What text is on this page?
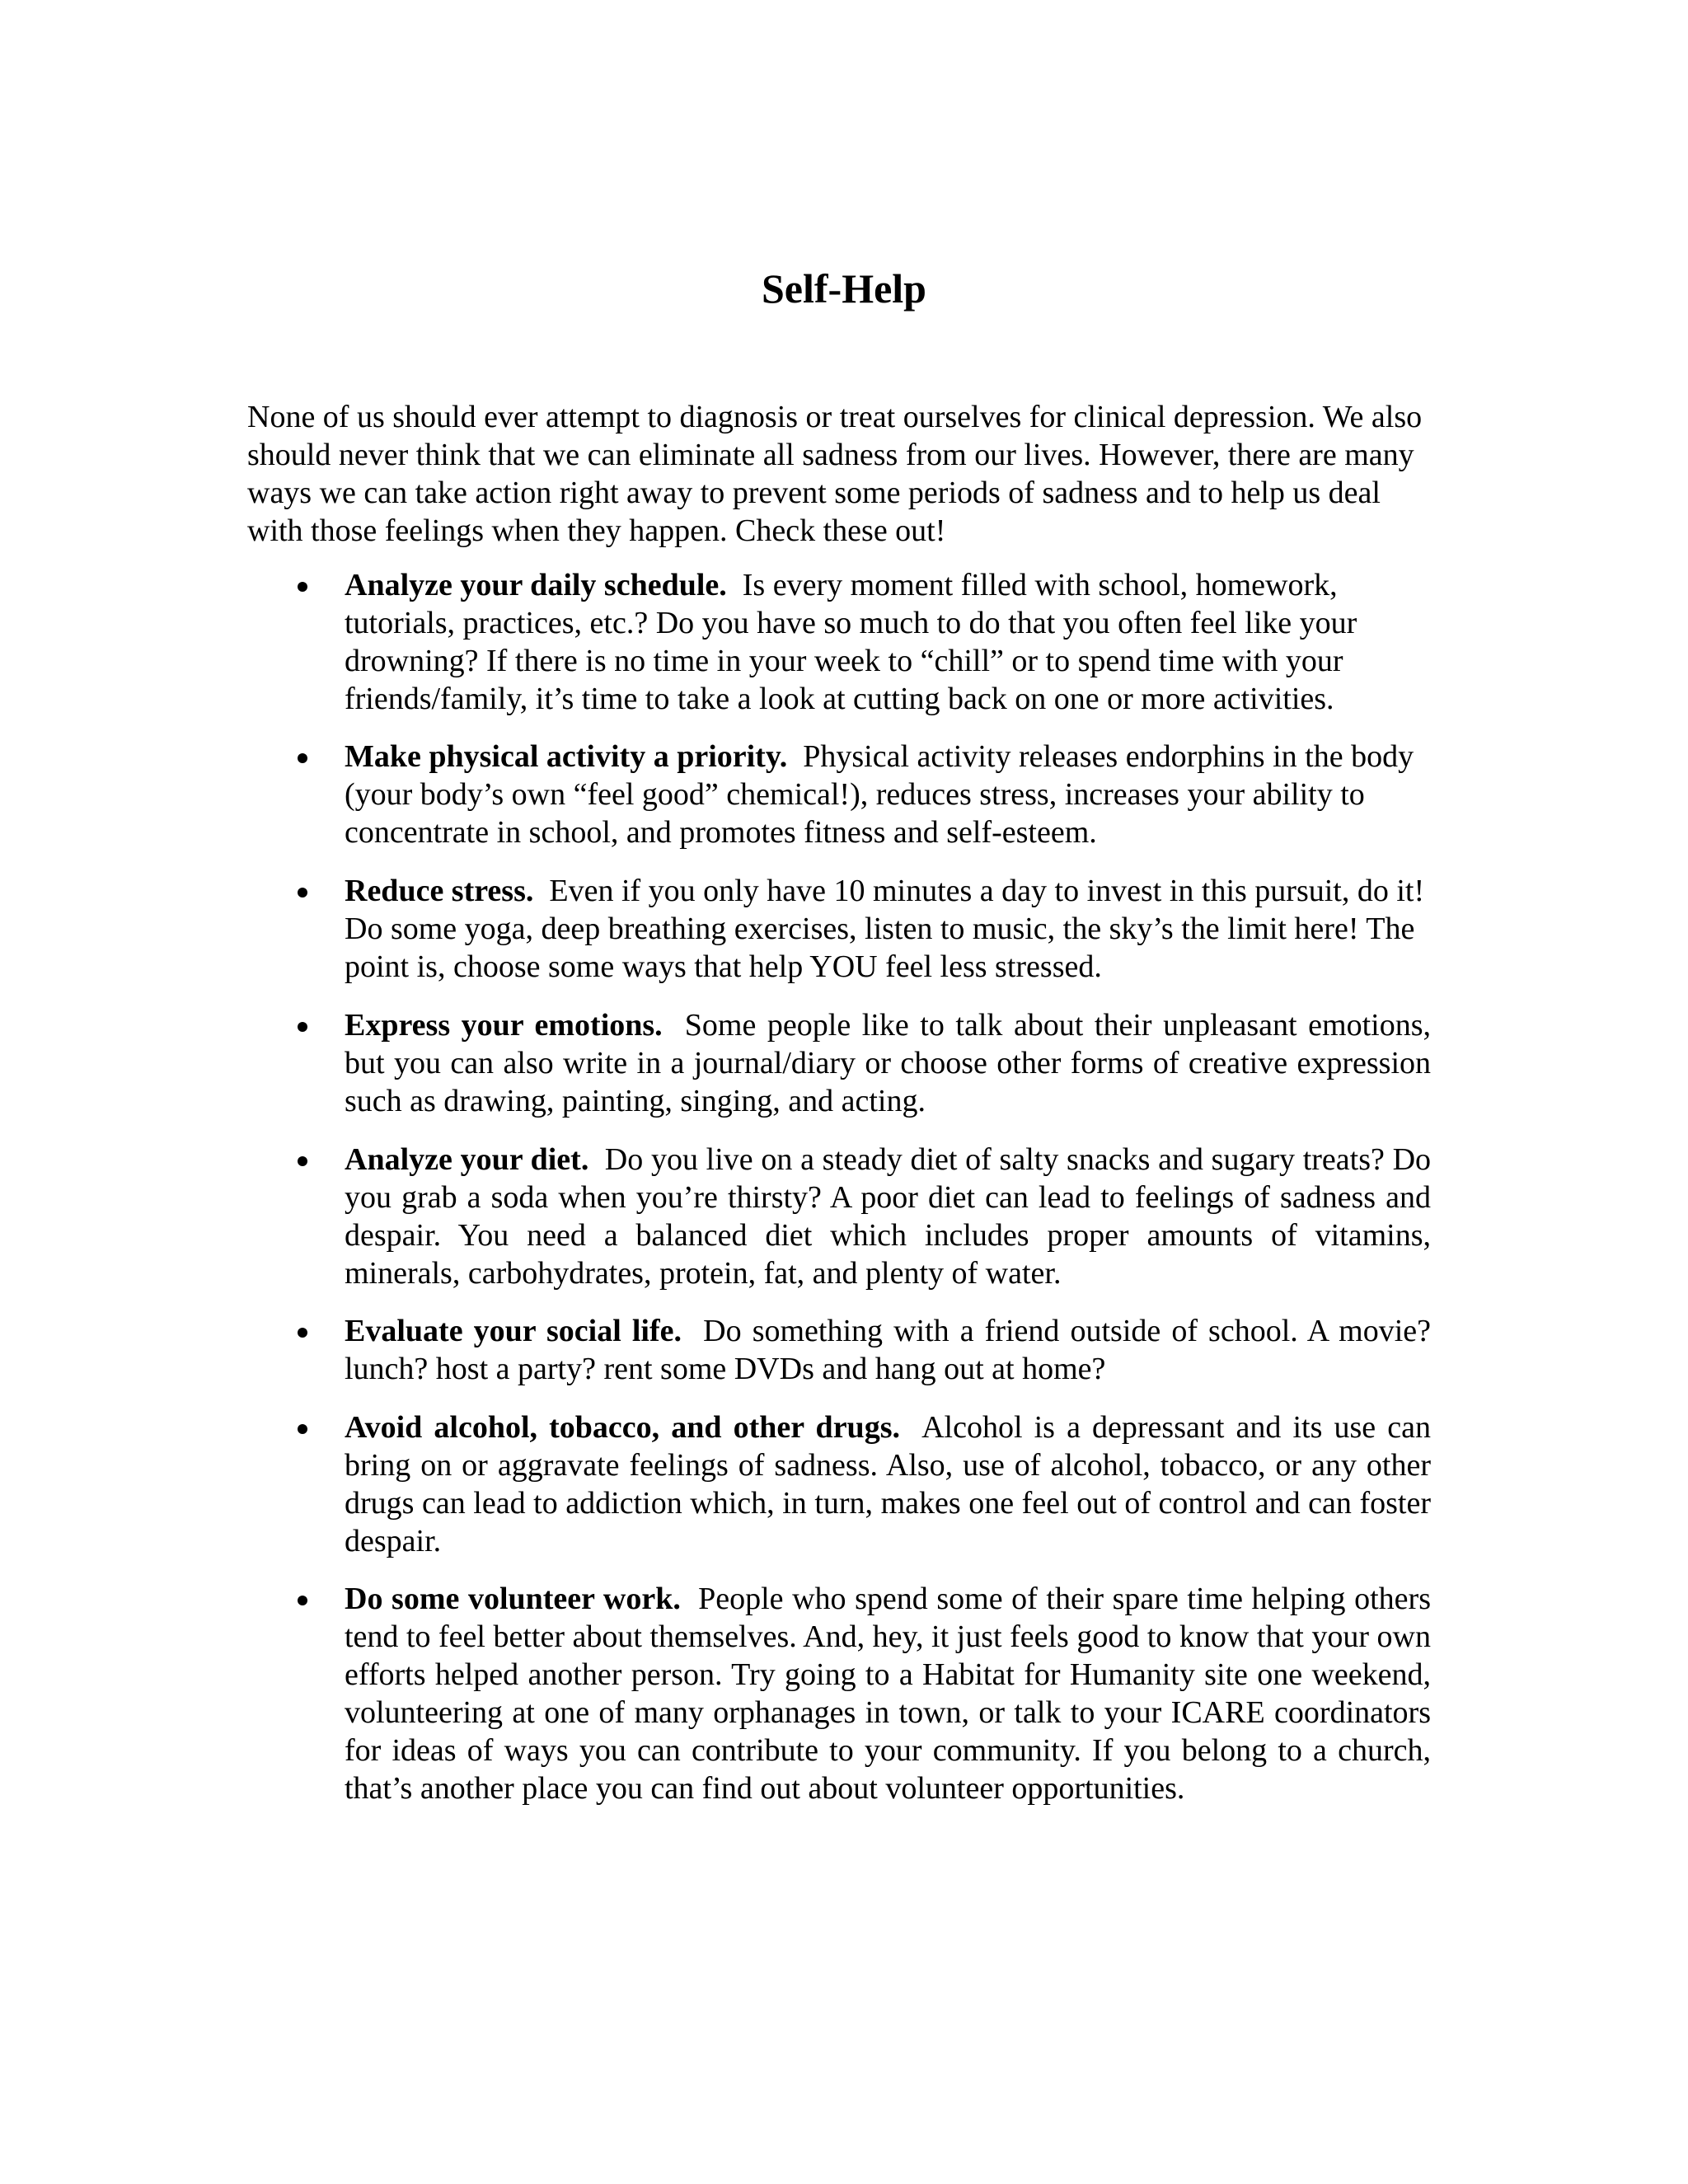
Self-Help

None of us should ever attempt to diagnosis or treat ourselves for clinical depression. We also should never think that we can eliminate all sadness from our lives. However, there are many ways we can take action right away to prevent some periods of sadness and to help us deal with those feelings when they happen. Check these out!

Analyze your daily schedule. Is every moment filled with school, homework, tutorials, practices, etc.? Do you have so much to do that you often feel like your drowning? If there is no time in your week to “chill” or to spend time with your friends/family, it’s time to take a look at cutting back on one or more activities.
Make physical activity a priority. Physical activity releases endorphins in the body (your body’s own “feel good” chemical!), reduces stress, increases your ability to concentrate in school, and promotes fitness and self-esteem.
Reduce stress. Even if you only have 10 minutes a day to invest in this pursuit, do it! Do some yoga, deep breathing exercises, listen to music, the sky’s the limit here! The point is, choose some ways that help YOU feel less stressed.
Express your emotions. Some people like to talk about their unpleasant emotions, but you can also write in a journal/diary or choose other forms of creative expression such as drawing, painting, singing, and acting.
Analyze your diet. Do you live on a steady diet of salty snacks and sugary treats? Do you grab a soda when you’re thirsty? A poor diet can lead to feelings of sadness and despair. You need a balanced diet which includes proper amounts of vitamins, minerals, carbohydrates, protein, fat, and plenty of water.
Evaluate your social life. Do something with a friend outside of school. A movie? lunch? host a party? rent some DVDs and hang out at home?
Avoid alcohol, tobacco, and other drugs. Alcohol is a depressant and its use can bring on or aggravate feelings of sadness. Also, use of alcohol, tobacco, or any other drugs can lead to addiction which, in turn, makes one feel out of control and can foster despair.
Do some volunteer work. People who spend some of their spare time helping others tend to feel better about themselves. And, hey, it just feels good to know that your own efforts helped another person. Try going to a Habitat for Humanity site one weekend, volunteering at one of many orphanages in town, or talk to your ICARE coordinators for ideas of ways you can contribute to your community. If you belong to a church, that’s another place you can find out about volunteer opportunities.
